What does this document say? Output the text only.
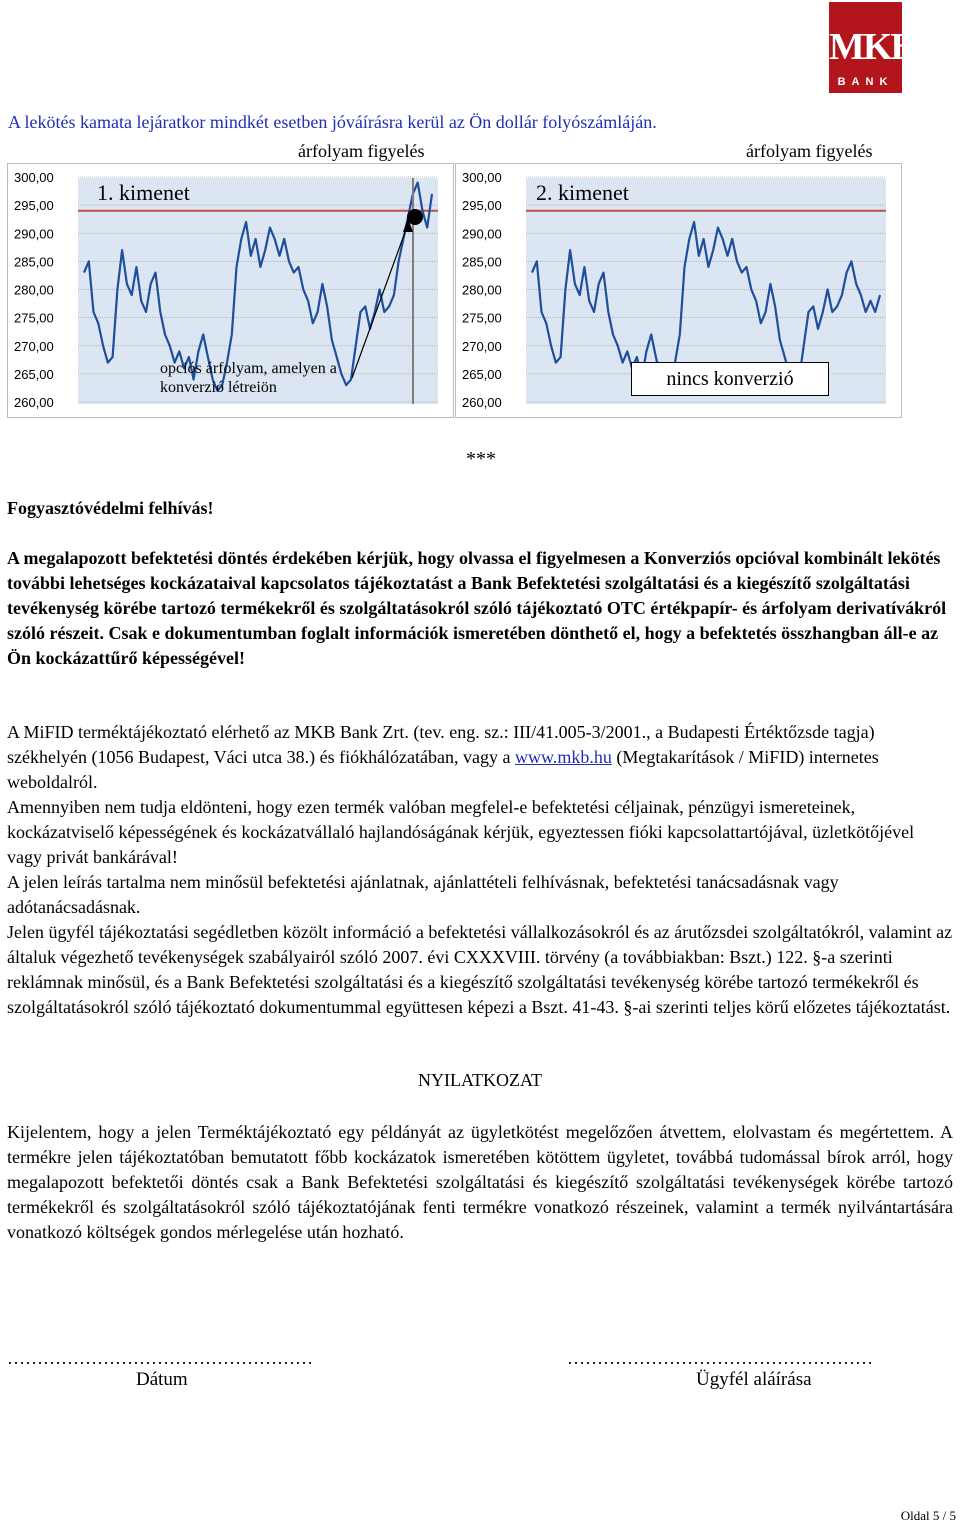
MKB
BANK
A lekötés kamata lejáratkor mindkét esetben jóváírásra kerül az Ön dollár folyószámláján.
árfolyam figyelés	árfolyam figyelés
300,00
295,00
290,00
285,00
280,00
275,00
270,00
265,00
260,00
1. kimenet
opciós árfolyam, amelyen a konverzió létreiön
300,00
295,00
290,00
285,00
280,00
275,00
270,00
265,00
260,00
2. kimenet
nincs konverzió
***
Fogyasztóvédelmi felhívás!
A megalapozott befektetési döntés érdekében kérjük, hogy olvassa el figyelmesen a Konverziós opcióval kombinált lekötés további lehetséges kockázataival kapcsolatos tájékoztatást a Bank Befektetési szolgáltatási és a kiegészítő szolgáltatási tevékenység körébe tartozó termékekről és szolgáltatásokról szóló tájékoztató OTC értékpapír- és árfolyam derivatívákról szóló részeit. Csak e dokumentumban foglalt információk ismeretében dönthető el, hogy a befektetés összhangban áll-e az Ön kockázattűrő képességével!
A MiFID terméktájékoztató elérhető az MKB Bank Zrt. (tev. eng. sz.: III/41.005-3/2001., a Budapesti Értéktőzsde tagja) székhelyén (1056 Budapest, Váci utca 38.) és fiókhálózatában, vagy a www.mkb.hu (Megtakarítások / MiFID) internetes weboldalról.
Amennyiben nem tudja eldönteni, hogy ezen termék valóban megfelel-e befektetési céljainak, pénzügyi ismereteinek, kockázatviselő képességének és kockázatvállaló hajlandóságának kérjük, egyeztessen fióki kapcsolattartójával, üzletkötőjével vagy privát bankárával!
A jelen leírás tartalma nem minősül befektetési ajánlatnak, ajánlattételi felhívásnak, befektetési tanácsadásnak vagy adótanácsadásnak.
Jelen ügyfél tájékoztatási segédletben közölt információ a befektetési vállalkozásokról és az árutőzsdei szolgáltatókról, valamint az általuk végezhető tevékenységek szabályairól szóló 2007. évi CXXXVIII. törvény (a továbbiakban: Bszt.) 122. §-a szerinti reklámnak minősül, és a Bank Befektetési szolgáltatási és a kiegészítő szolgáltatási tevékenység körébe tartozó termékekről és szolgáltatásokról szóló tájékoztató dokumentummal együttesen képezi a Bszt. 41-43. §-ai szerinti teljes körű előzetes tájékoztatást.
NYILATKOZAT
Kijelentem, hogy a jelen Terméktájékoztató egy példányát az ügyletkötést megelőzően átvettem, elolvastam és megértettem. A termékre jelen tájékoztatóban bemutatott főbb kockázatok ismeretében kötöttem ügyletet, továbbá tudomással bírok arról, hogy megalapozott befektetői döntés csak a Bank Befektetési szolgáltatási és kiegészítő szolgáltatási tevékenységek körébe tartozó termékekről és szolgáltatásokról szóló tájékoztatójának fenti termékre vonatkozó részeinek, valamint a termék nyilvántartására vonatkozó költségek gondos mérlegelése után hozható.
……………………………………………
Dátum
……………………………………………
Ügyfél aláírása
Oldal 5 / 5
